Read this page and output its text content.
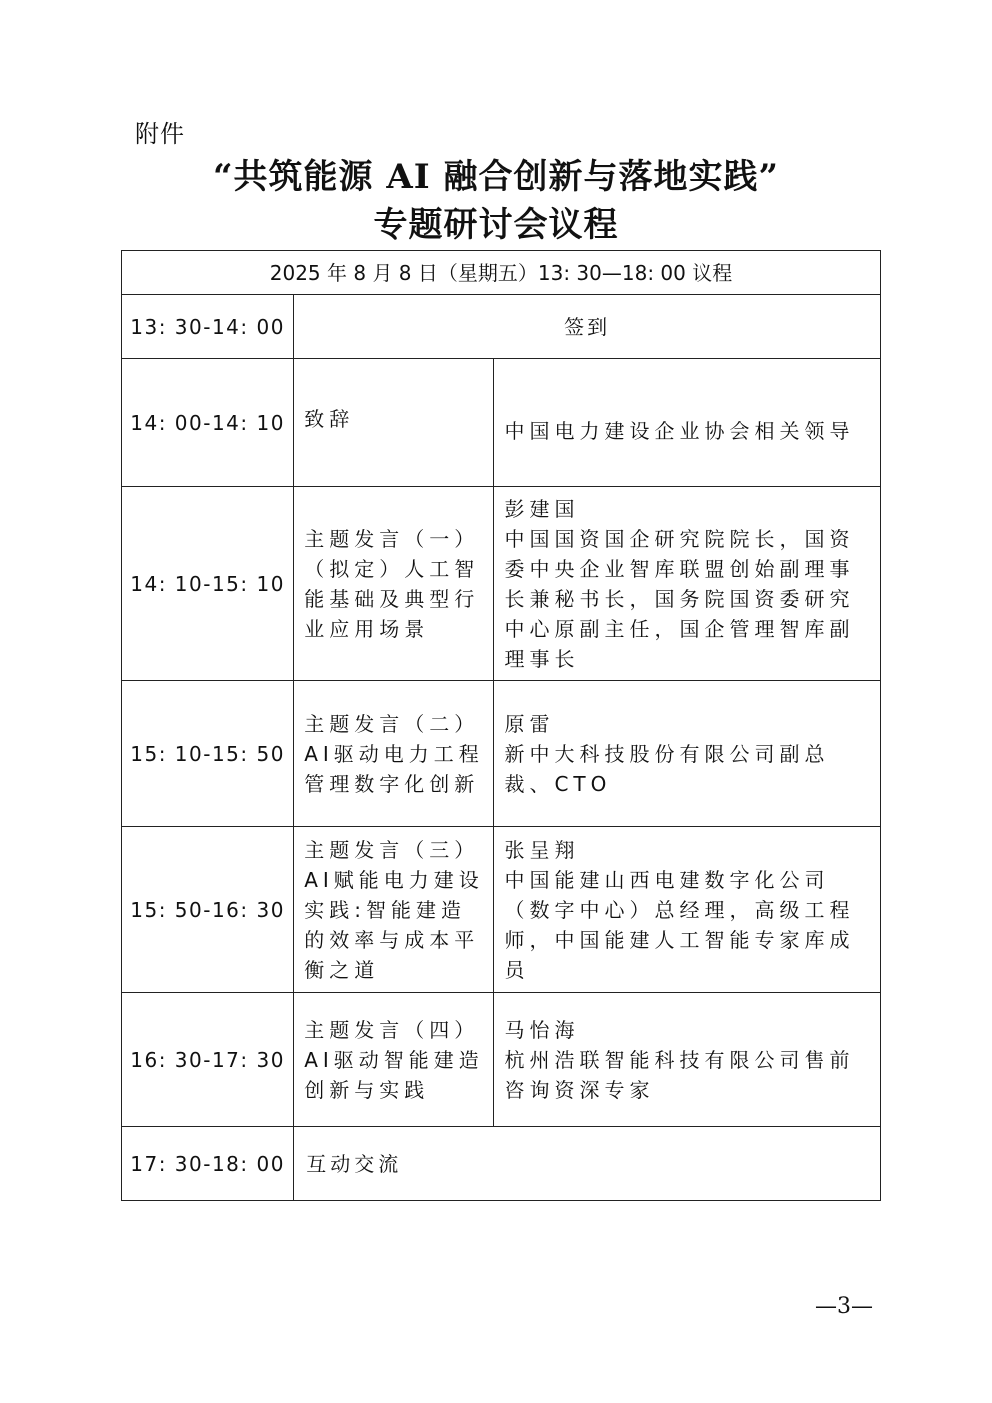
附件
“共筑能源 AI 融合创新与落地实践”
专题研讨会议程
2025 年 8 月 8 日（星期五）13: 30—18: 00 议程		
13: 30-14: 00	签到	
14: 00-14: 10	致辞	中国电力建设企业协会相关领导

14: 10-15: 10	主题发言（一）（拟定）人工智能基础及典型行业应用场景	彭建国
中国国资国企研究院院长，国资委中央企业智库联盟创始副理事长兼秘书长，国务院国资委研究中心原副主任，国企管理智库副理事长

15: 10-15: 50	主题发言（二）AI驱动电力工程管理数字化创新	原雷
新中大科技股份有限公司副总裁、CTO

15: 50-16: 30	主题发言（三）AI赋能电力建设实践:智能建造的效率与成本平衡之道	张呈翔
中国能建山西电建数字化公司（数字中心）总经理，高级工程师，中国能建人工智能专家库成员

16: 30-17: 30	主题发言（四）AI驱动智能建造创新与实践	马怡海
杭州浩联智能科技有限公司售前咨询资深专家

17: 30-18: 00	互动交流	
—3—
